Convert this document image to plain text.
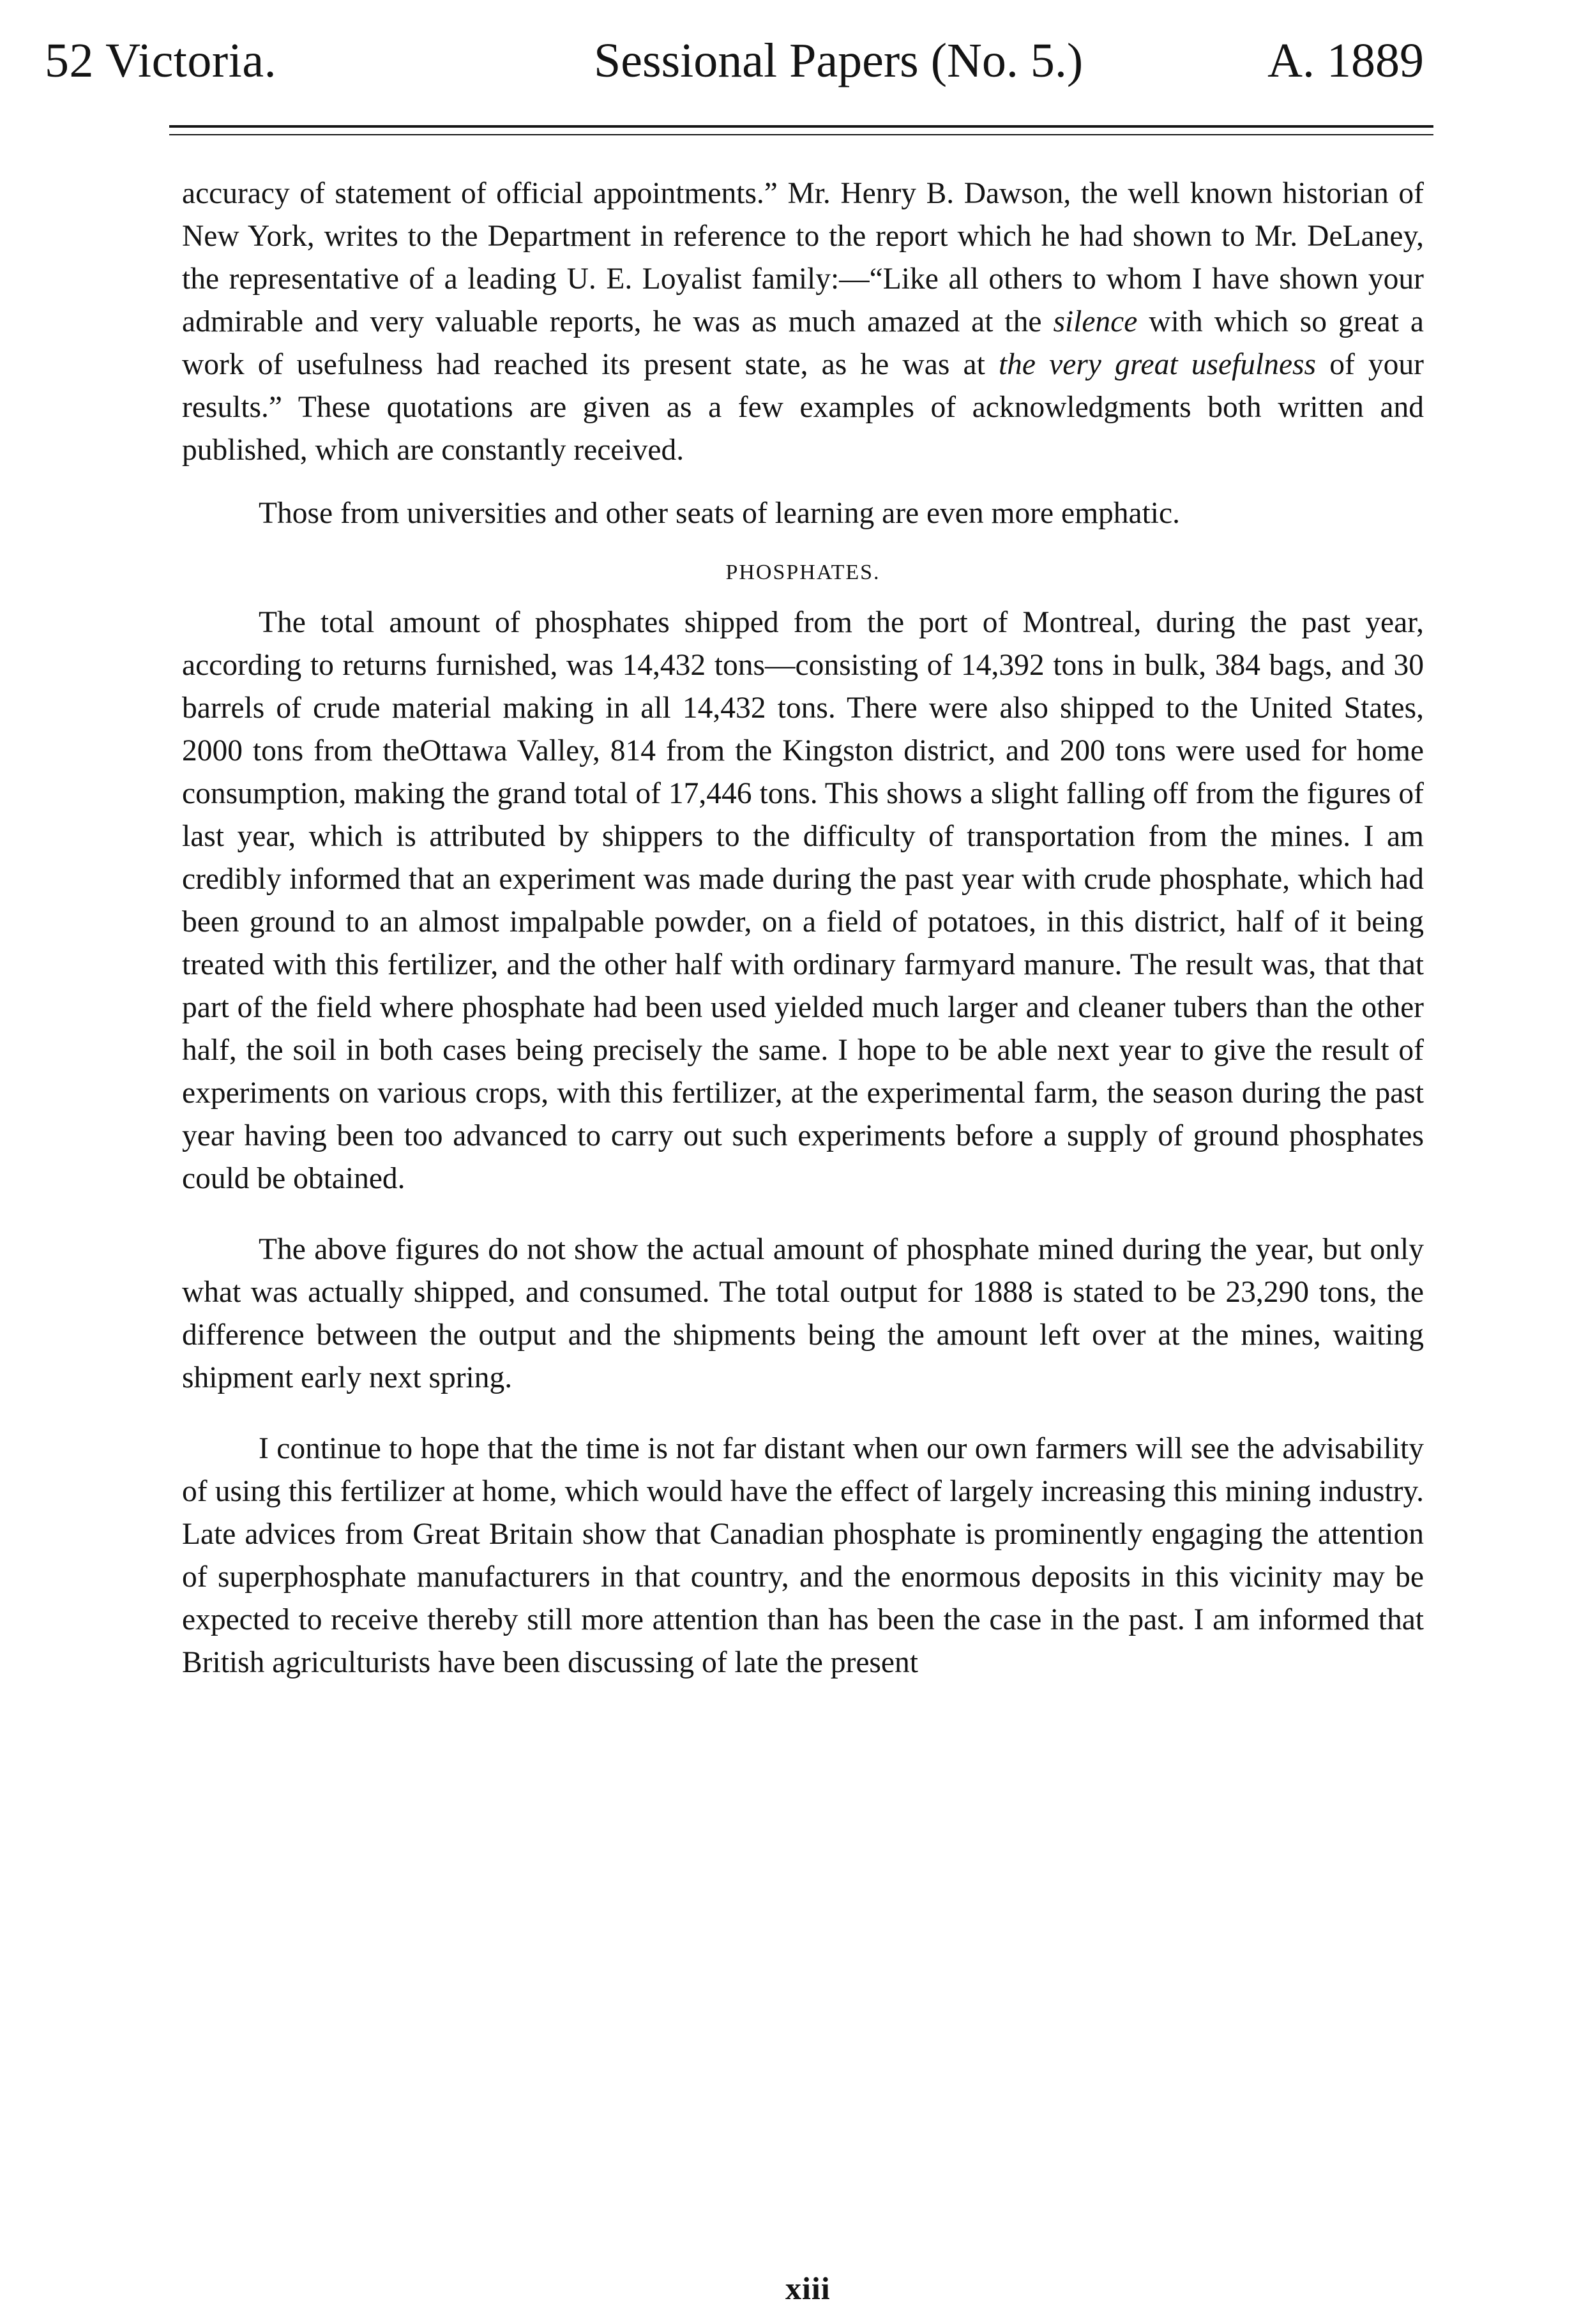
52 Victoria.	Sessional Papers (No. 5.)	A. 1889

accuracy of statement of official appointments.” Mr. Henry B. Dawson, the well known historian of New York, writes to the Department in reference to the report which he had shown to Mr. DeLaney, the representative of a leading U. E. Loyalist family:—“Like all others to whom I have shown your admirable and very valuable reports, he was as much amazed at the silence with which so great a work of usefulness had reached its present state, as he was at the very great usefulness of your results.” These quotations are given as a few examples of acknowledgments both written and published, which are constantly received.

Those from universities and other seats of learning are even more emphatic.

PHOSPHATES.

The total amount of phosphates shipped from the port of Montreal, during the past year, according to returns furnished, was 14,432 tons—consisting of 14,392 tons in bulk, 384 bags, and 30 barrels of crude material making in all 14,432 tons. There were also shipped to the United States, 2000 tons from theOttawa Valley, 814 from the Kingston district, and 200 tons were used for home consumption, making the grand total of 17,446 tons. This shows a slight falling off from the figures of last year, which is attributed by shippers to the difficulty of transportation from the mines. I am credibly informed that an experiment was made during the past year with crude phosphate, which had been ground to an almost impalpable powder, on a field of potatoes, in this district, half of it being treated with this fertilizer, and the other half with ordinary farmyard manure. The result was, that that part of the field where phosphate had been used yielded much larger and cleaner tubers than the other half, the soil in both cases being precisely the same. I hope to be able next year to give the result of experiments on various crops, with this fertilizer, at the experimental farm, the season during the past year having been too advanced to carry out such experiments before a supply of ground phosphates could be obtained.

The above figures do not show the actual amount of phosphate mined during the year, but only what was actually shipped, and consumed. The total output for 1888 is stated to be 23,290 tons, the difference between the output and the shipments being the amount left over at the mines, waiting shipment early next spring.

I continue to hope that the time is not far distant when our own farmers will see the advisability of using this fertilizer at home, which would have the effect of largely increasing this mining industry. Late advices from Great Britain show that Canadian phosphate is prominently engaging the attention of superphosphate manufacturers in that country, and the enormous deposits in this vicinity may be expected to receive thereby still more attention than has been the case in the past. I am informed that British agriculturists have been discussing of late the present

xiii
